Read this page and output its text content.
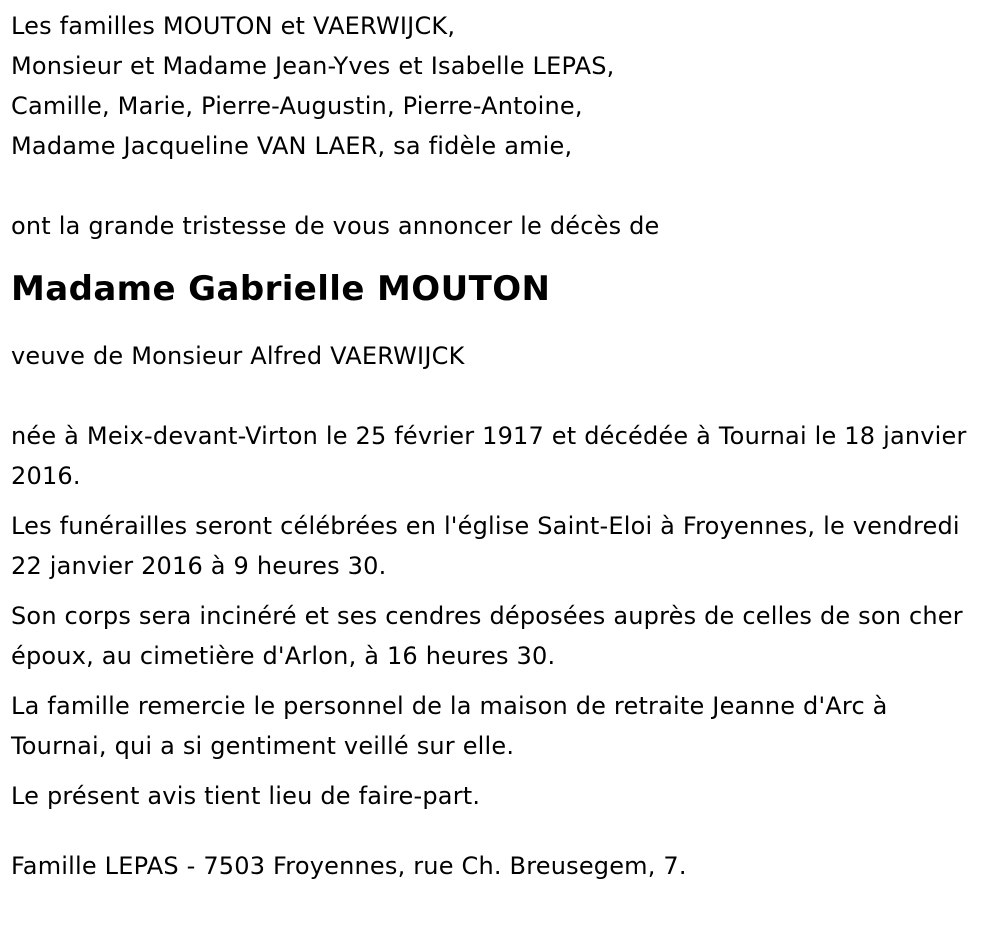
Les familles MOUTON et VAERWIJCK,
Monsieur et Madame Jean-Yves et Isabelle LEPAS,
Camille, Marie, Pierre-Augustin, Pierre-Antoine,
Madame Jacqueline VAN LAER, sa fidèle amie,
ont la grande tristesse de vous annoncer le décès de
Madame Gabrielle MOUTON
veuve de Monsieur Alfred VAERWIJCK

née à Meix-devant-Virton le 25 février 1917 et décédée à Tournai le 18 janvier 2016.

Les funérailles seront célébrées en l'église Saint-Eloi à Froyennes, le vendredi 22 janvier 2016 à 9 heures 30.

Son corps sera incinéré et ses cendres déposées auprès de celles de son cher époux, au cimetière d'Arlon, à 16 heures 30.

La famille remercie le personnel de la maison de retraite Jeanne d'Arc à Tournai, qui a si gentiment veillé sur elle.

Le présent avis tient lieu de faire-part.

Famille LEPAS - 7503 Froyennes, rue Ch. Breusegem, 7.
